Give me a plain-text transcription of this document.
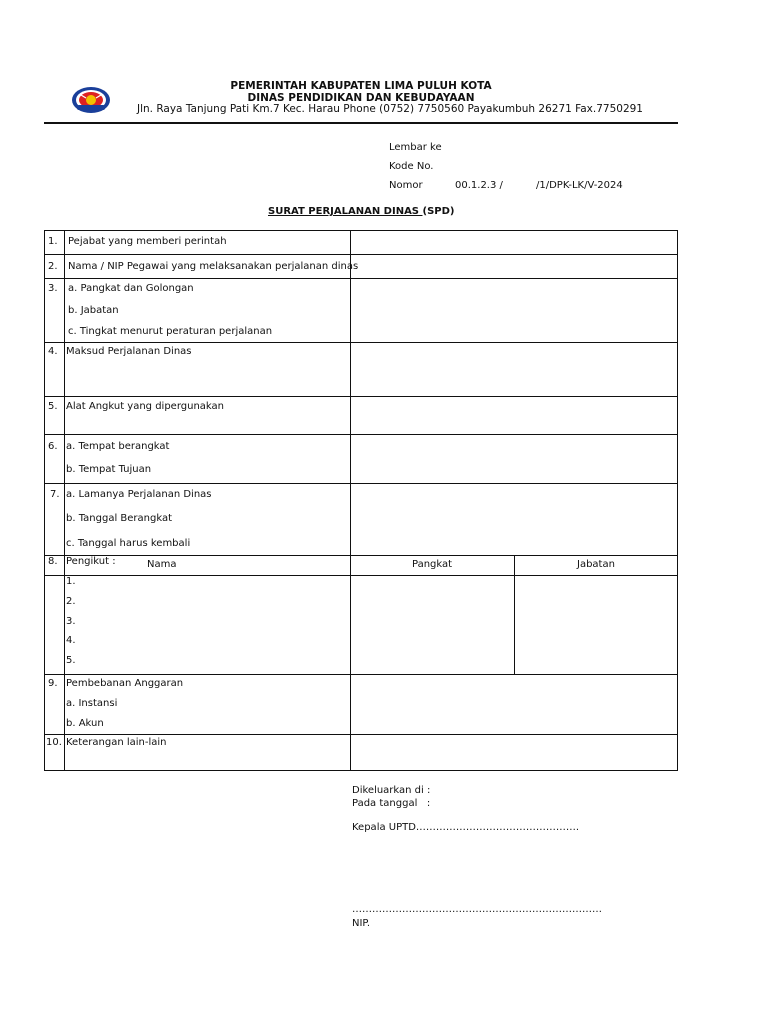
PEMERINTAH KABUPATEN LIMA PULUH KOTA
DINAS PENDIDIKAN DAN KEBUDAYAAN
Jln. Raya Tanjung Pati Km.7 Kec. Harau Phone (0752) 7750560 Payakumbuh 26271 Fax.7750291
Lembar ke
Kode No.
Nomor	00.1.2.3 /	/1/DPK-LK/V-2024
SURAT PERJALANAN DINAS (SPD)
1. Pejabat yang memberi perintah
2. Nama / NIP Pegawai yang melaksanakan perjalanan dinas
3. a. Pangkat dan Golongan
b. Jabatan
c. Tingkat menurut peraturan perjalanan
4. Maksud Perjalanan Dinas
5. Alat Angkut yang dipergunakan
6. a. Tempat berangkat
b. Tempat Tujuan
7. a. Lamanya Perjalanan Dinas
b. Tanggal Berangkat
c. Tanggal harus kembali
8. Pengikut :	Nama	Pangkat	Jabatan
1.
2.
3.
4.
5.
9. Pembebanan Anggaran
a. Instansi
b. Akun
10. Keterangan lain-lain
Dikeluarkan di :
Pada tanggal   :
Kepala UPTD………………………………………….
…………………………………………………………………
NIP.
